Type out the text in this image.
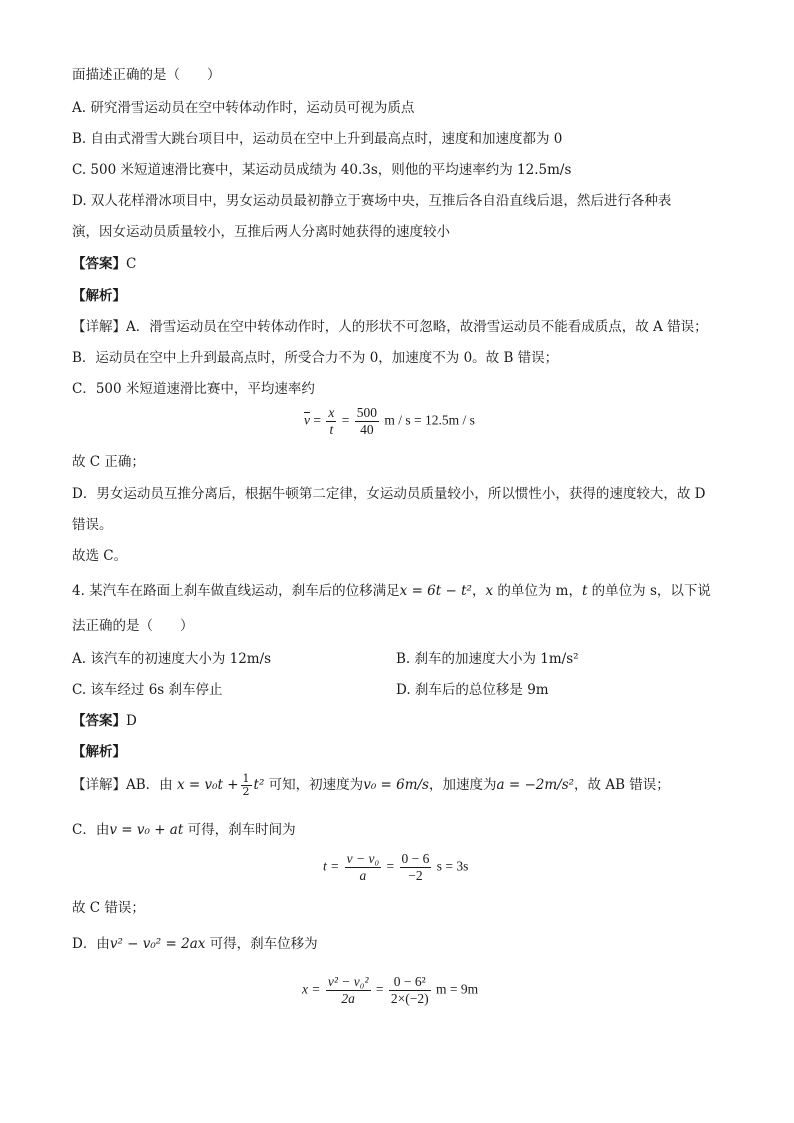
面描述正确的是（　　）
A. 研究滑雪运动员在空中转体动作时，运动员可视为质点
B. 自由式滑雪大跳台项目中，运动员在空中上升到最高点时，速度和加速度都为 0
C. 500 米短道速滑比赛中，某运动员成绩为 40.3s，则他的平均速率约为 12.5m/s
D. 双人花样滑冰项目中，男女运动员最初静立于赛场中央，互推后各自沿直线后退，然后进行各种表
演，因女运动员质量较小，互推后两人分离时她获得的速度较小
【答案】C
【解析】
【详解】A．滑雪运动员在空中转体动作时，人的形状不可忽略，故滑雪运动员不能看成质点，故 A 错误；
B．运动员在空中上升到最高点时，所受合力不为 0，加速度不为 0。故 B 错误；
C．500 米短道速滑比赛中，平均速率约
$\overline{v} = \frac{x}{t} = \frac{500}{40}$ m / s = 12.5m / s
故 C 正确；
D．男女运动员互推分离后，根据牛顿第二定律，女运动员质量较小，所以惯性小，获得的速度较大，故 D
错误。
故选 C。
4. 某汽车在路面上刹车做直线运动，刹车后的位移满足x = 6t − t²，x 的单位为 m，t 的单位为 s，以下说
法正确的是（　　）
A. 该汽车的初速度大小为 12m/s	B. 刹车的加速度大小为 1m/s²
C. 该车经过 6s 刹车停止	D. 刹车后的总位移是 9m
【答案】D
【解析】
【详解】AB．由 $x = v_0t + \frac{1}{2} t^2$ 可知，初速度为v₀ = 6m/s，加速度为a = −2m/s²，故 AB 错误；
C．由v = v₀ + at 可得，刹车时间为
$t = \frac{\text{v − v₀}}{a} = \frac{0 - 6}{-2}$ s = 3s
故 C 错误；
D．由v² − v₀² = 2ax 可得，刹车位移为
$x = \frac{\text{v² − v₀²}}{2a} = \frac{\text{0 − 6²}}{2\times(-2)}$ m = 9m
